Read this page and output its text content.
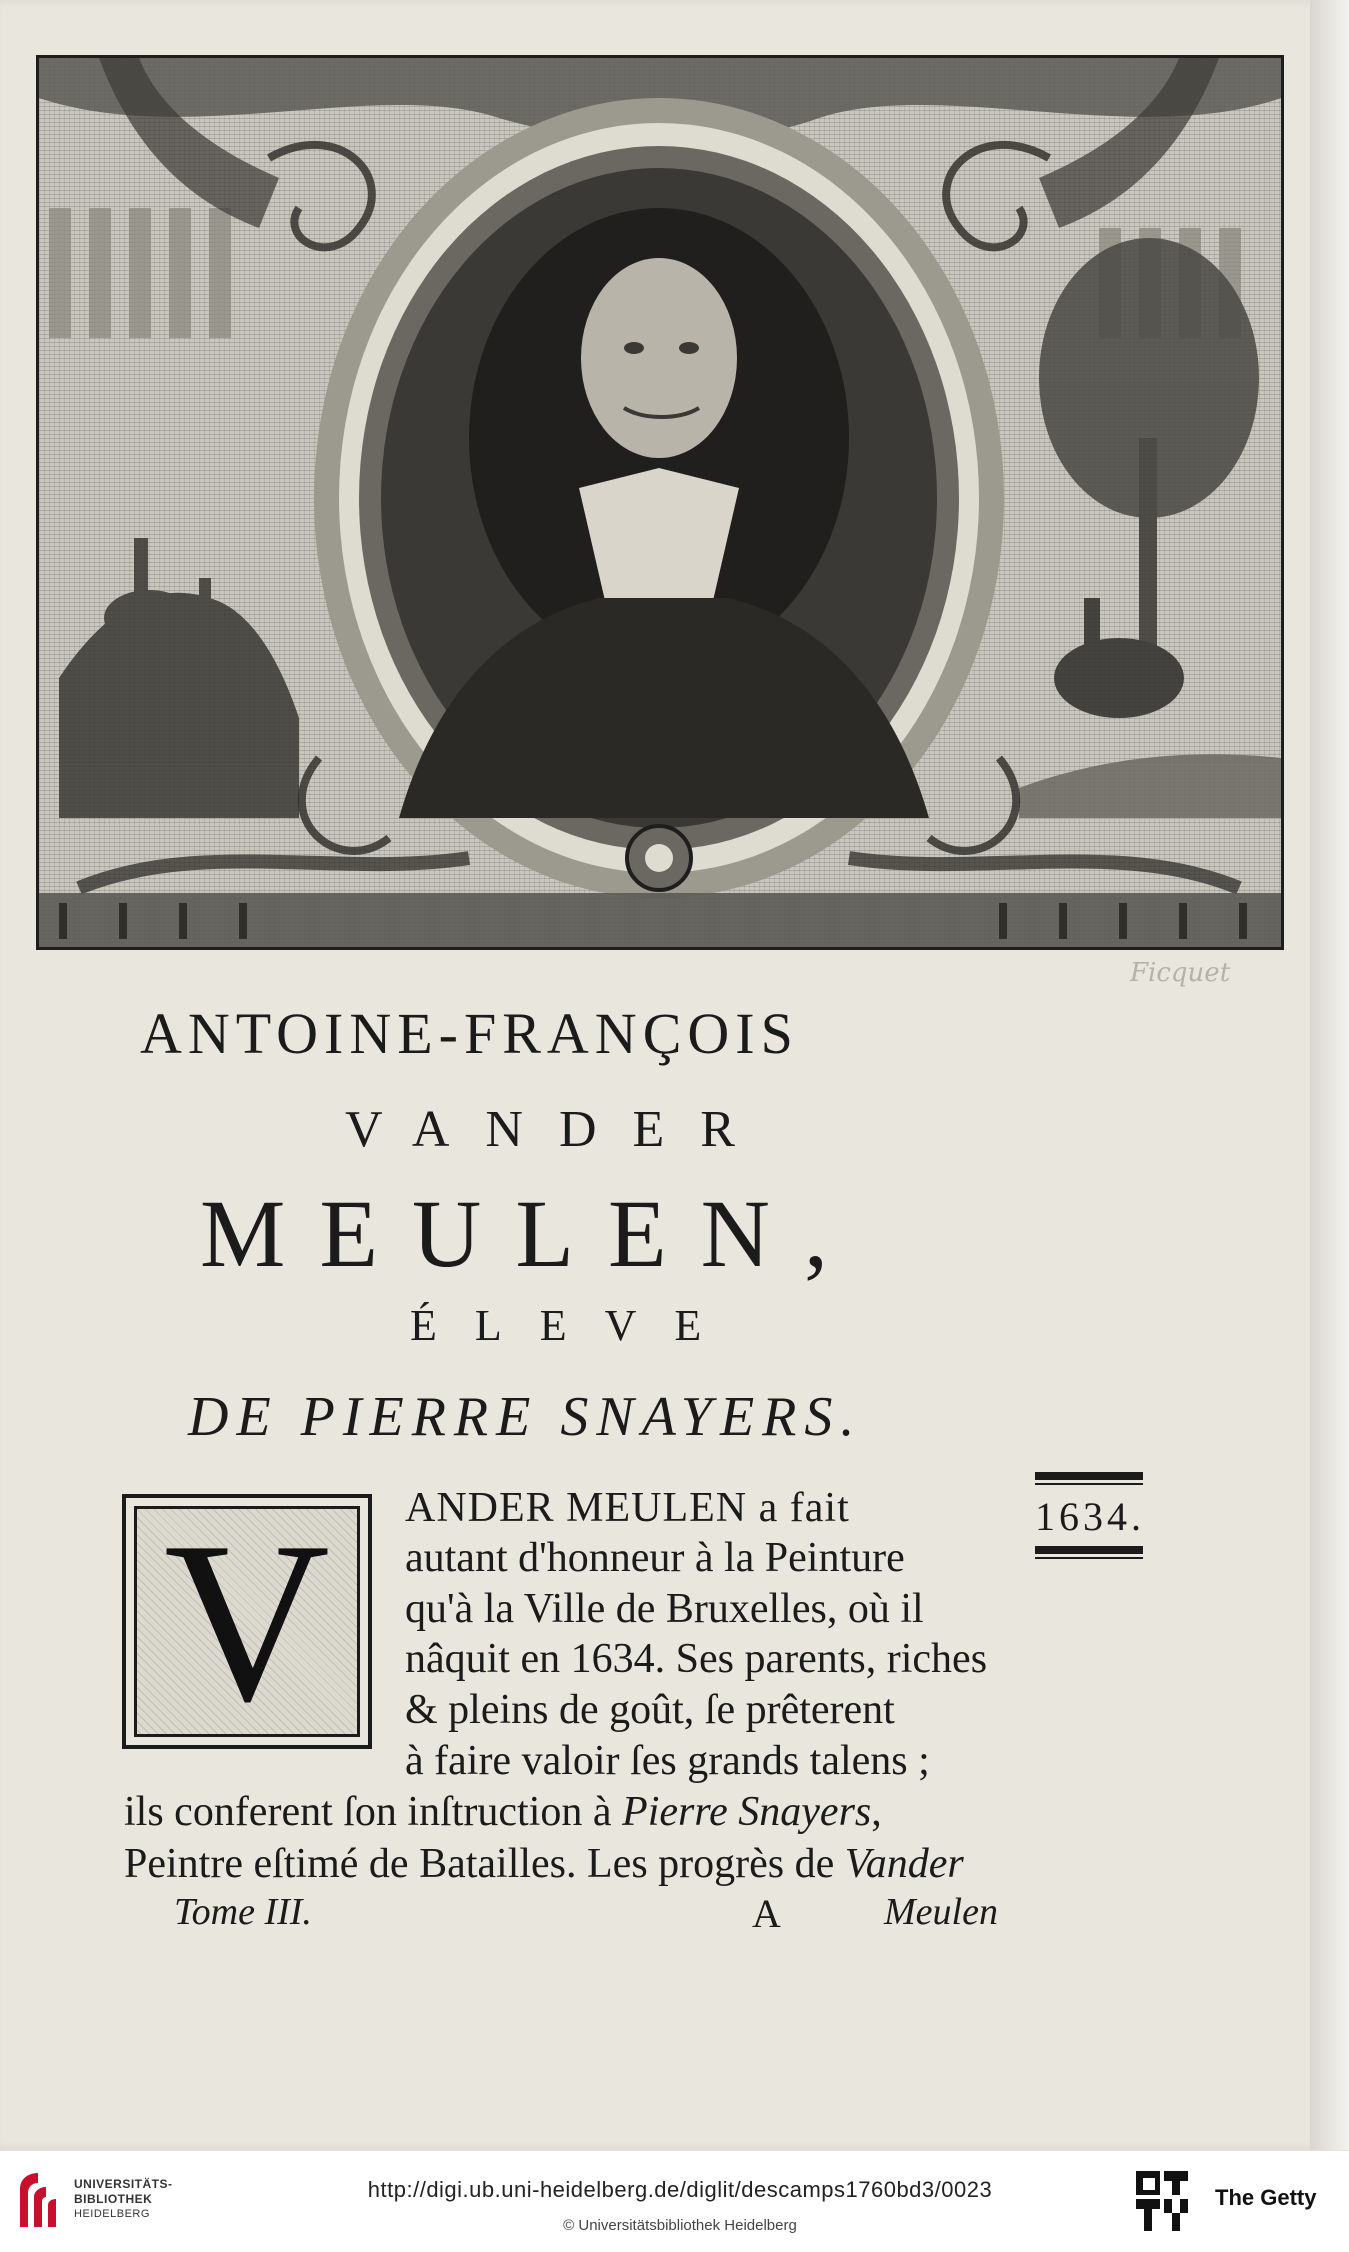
Ficquet
ANTOINE-FRANÇOIS
VANDER
MEULEN,
ÉLEVE
DE PIERRE SNAYERS.
V	ANDER MEULEN a fait
autant d'honneur à la Peinture
qu'à la Ville de Bruxelles, où il
nâquit en 1634. Ses parents, riches
& pleins de goût, ſe prêterent
à faire valoir ſes grands talens ;
ils conferent ſon inſtruction à Pierre Snayers,
Peintre eſtimé de Batailles. Les progrès de Vander
1634.
Tome III.	A	Meulen
UNIVERSITÄTS-
BIBLIOTHEK
HEIDELBERG
http://digi.ub.uni-heidelberg.de/diglit/descamps1760bd3/0023
© Universitätsbibliothek Heidelberg
The Getty
